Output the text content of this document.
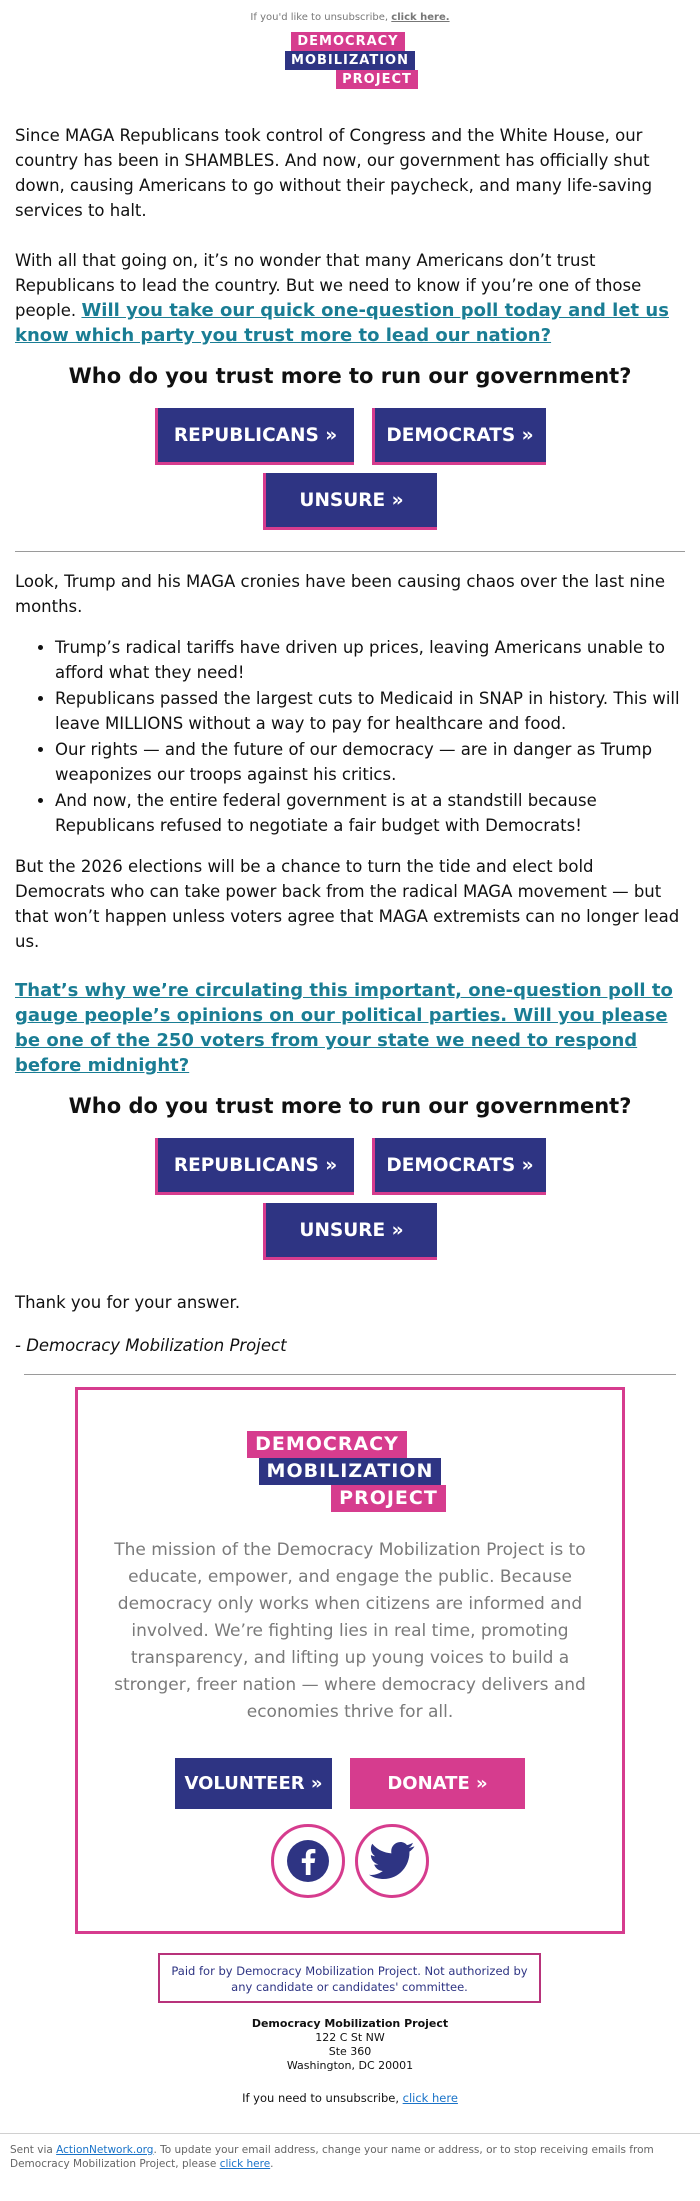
If you'd like to unsubscribe, click here.
DEMOCRACY
MOBILIZATION
PROJECT

Since MAGA Republicans took control of Congress and the White House, our country has been in SHAMBLES. And now, our government has officially shut down, causing Americans to go without their paycheck, and many life-saving services to halt.

With all that going on, it’s no wonder that many Americans don’t trust Republicans to lead the country. But we need to know if you’re one of those people. Will you take our quick one-question poll today and let us know which party you trust more to lead our nation?

Who do you trust more to run our government?
REPUBLICANS »	DEMOCRATS »
UNSURE »

Look, Trump and his MAGA cronies have been causing chaos over the last nine months.

• Trump’s radical tariffs have driven up prices, leaving Americans unable to afford what they need!
• Republicans passed the largest cuts to Medicaid in SNAP in history. This will leave MILLIONS without a way to pay for healthcare and food.
• Our rights — and the future of our democracy — are in danger as Trump weaponizes our troops against his critics.
• And now, the entire federal government is at a standstill because Republicans refused to negotiate a fair budget with Democrats!

But the 2026 elections will be a chance to turn the tide and elect bold Democrats who can take power back from the radical MAGA movement — but that won’t happen unless voters agree that MAGA extremists can no longer lead us.

That’s why we’re circulating this important, one-question poll to gauge people’s opinions on our political parties. Will you please be one of the 250 voters from your state we need to respond before midnight?

Who do you trust more to run our government?
REPUBLICANS »	DEMOCRATS »
UNSURE »

Thank you for your answer.

- Democracy Mobilization Project

DEMOCRACY
MOBILIZATION
PROJECT

The mission of the Democracy Mobilization Project is to educate, empower, and engage the public. Because democracy only works when citizens are informed and involved. We’re fighting lies in real time, promoting transparency, and lifting up young voices to build a stronger, freer nation — where democracy delivers and economies thrive for all.

VOLUNTEER »	DONATE »
Paid for by Democracy Mobilization Project. Not authorized by any candidate or candidates' committee.
Democracy Mobilization Project
122 C St NW
Ste 360
Washington, DC 20001
If you need to unsubscribe, click here
Sent via ActionNetwork.org. To update your email address, change your name or address, or to stop receiving emails from Democracy Mobilization Project, please click here.
